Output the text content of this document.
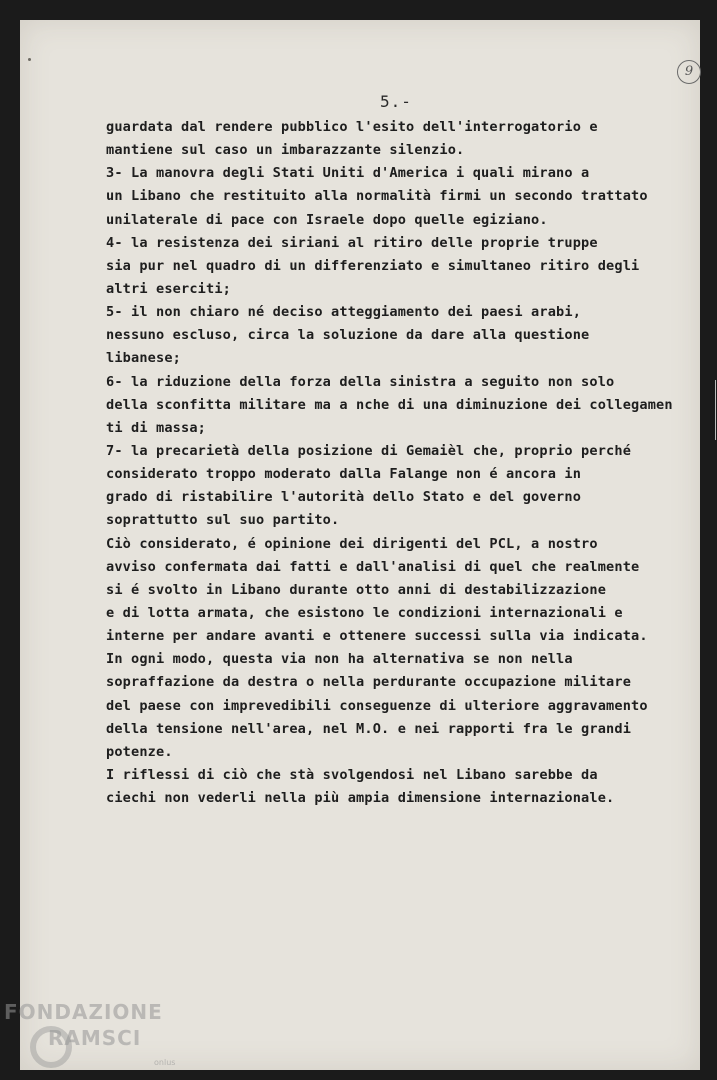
5.-
9
guardata dal rendere pubblico l'esito dell'interrogatorio e
mantiene sul caso un imbarazzante silenzio.
3- La manovra degli Stati Uniti d'America i quali mirano a
un Libano che restituito alla normalità firmi un secondo trattato
unilaterale di pace con Israele dopo quelle egiziano.
4- la resistenza dei siriani al ritiro delle proprie truppe
sia pur nel quadro di un differenziato e simultaneo ritiro degli
altri eserciti;
5- il non chiaro né deciso atteggiamento dei paesi arabi,
nessuno escluso, circa la soluzione da dare alla questione
libanese;
6- la riduzione della forza della sinistra a seguito non solo
della sconfitta militare ma a nche di una diminuzione dei collegamen
ti di massa;
7- la precarietà della posizione di Gemaièl che, proprio perché
considerato troppo moderato dalla Falange non é ancora in
grado di ristabilire l'autorità dello Stato e del governo
soprattutto sul suo partito.
Ciò considerato, é opinione dei dirigenti del PCL, a nostro
avviso confermata dai fatti e dall'analisi di quel che realmente
si é svolto in Libano durante otto anni di destabilizzazione
e di lotta armata, che esistono le condizioni internazionali e
interne per andare avanti e ottenere successi sulla via indicata.
In ogni modo, questa via non ha alternativa se non nella
sopraffazione da destra o nella perdurante occupazione militare
del paese con imprevedibili conseguenze di ulteriore aggravamento
della tensione nell'area, nel M.O. e nei rapporti fra le grandi
potenze.
I riflessi di ciò che stà svolgendosi nel Libano sarebbe da
ciechi non vederli nella più ampia dimensione internazionale.
FONDAZIONE
RAMSCI
onlus
